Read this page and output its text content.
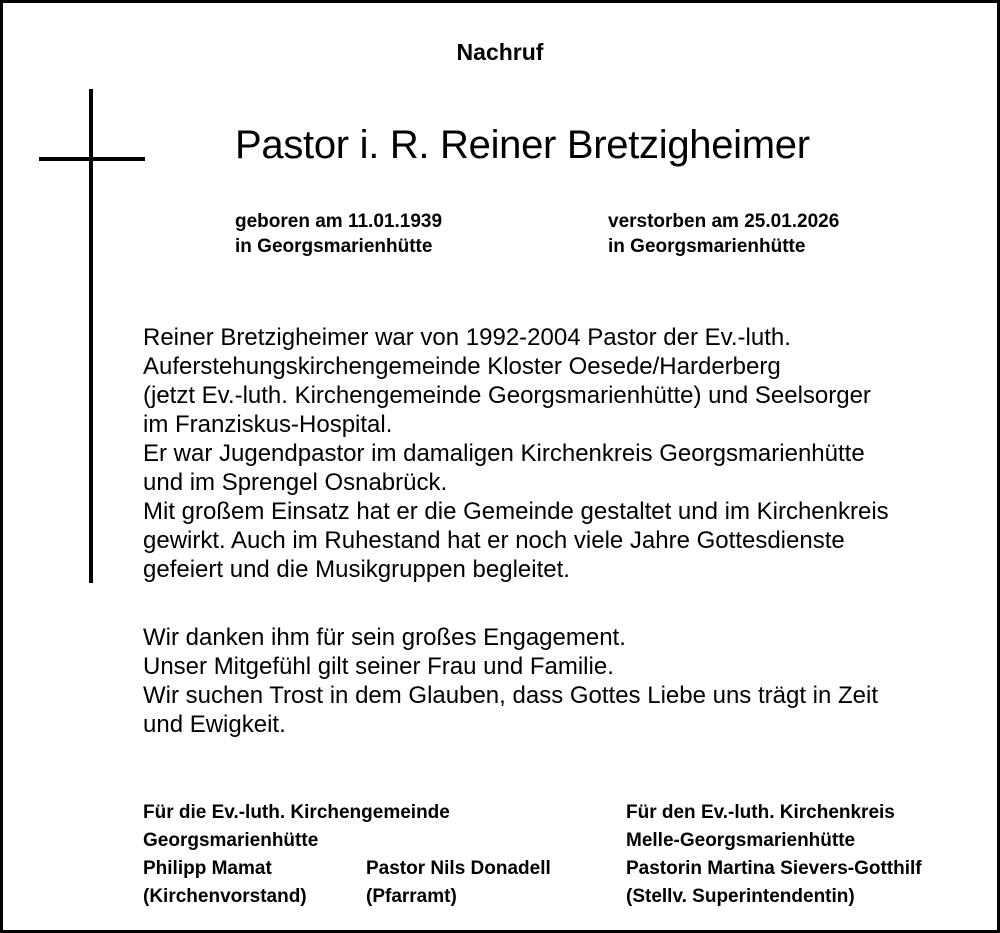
Nachruf
Pastor i. R. Reiner Bretzigheimer
geboren am 11.01.1939
in Georgsmarienhütte
verstorben am 25.01.2026
in Georgsmarienhütte
Reiner Bretzigheimer war von 1992-2004 Pastor der Ev.-luth.
Auferstehungskirchengemeinde Kloster Oesede/Harderberg
(jetzt Ev.-luth. Kirchengemeinde Georgsmarienhütte) und Seelsorger
im Franziskus-Hospital.
Er war Jugendpastor im damaligen Kirchenkreis Georgsmarienhütte
und im Sprengel Osnabrück.
Mit großem Einsatz hat er die Gemeinde gestaltet und im Kirchenkreis
gewirkt. Auch im Ruhestand hat er noch viele Jahre Gottesdienste
gefeiert und die Musikgruppen begleitet.
Wir danken ihm für sein großes Engagement.
Unser Mitgefühl gilt seiner Frau und Familie.
Wir suchen Trost in dem Glauben, dass Gottes Liebe uns trägt in Zeit
und Ewigkeit.
Für die Ev.-luth. Kirchengemeinde
Georgsmarienhütte
Philipp Mamat
(Kirchenvorstand)
Pastor Nils Donadell
(Pfarramt)
Für den Ev.-luth. Kirchenkreis
Melle-Georgsmarienhütte
Pastorin Martina Sievers-Gotthilf
(Stellv. Superintendentin)
